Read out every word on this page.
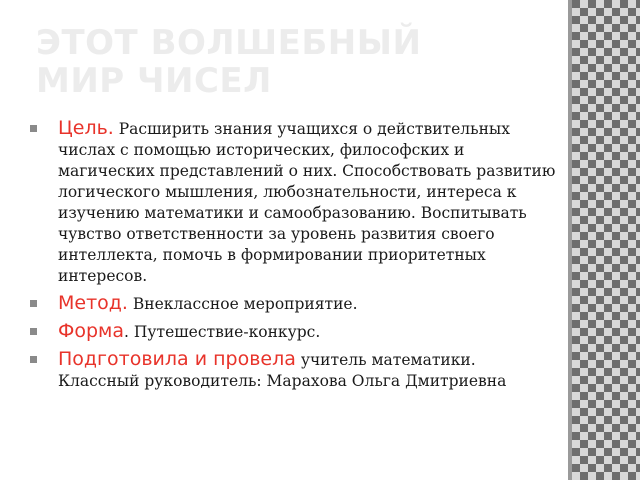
ЭТОТ ВОЛШЕБНЫЙ
МИР ЧИСЕЛ
Цель. Расширить знания учащихся о действительных числах с помощью исторических, философских и магических представлений о них. Способствовать развитию логического мышления, любознательности, интереса к изучению математики и самообразованию. Воспитывать чувство ответственности за уровень развития своего интеллекта, помочь в формировании приоритетных интересов.
Метод. Внеклассное мероприятие.
Форма. Путешествие-конкурс.
Подготовила и провела учитель математики. Классный руководитель: Марахова Ольга Дмитриевна
